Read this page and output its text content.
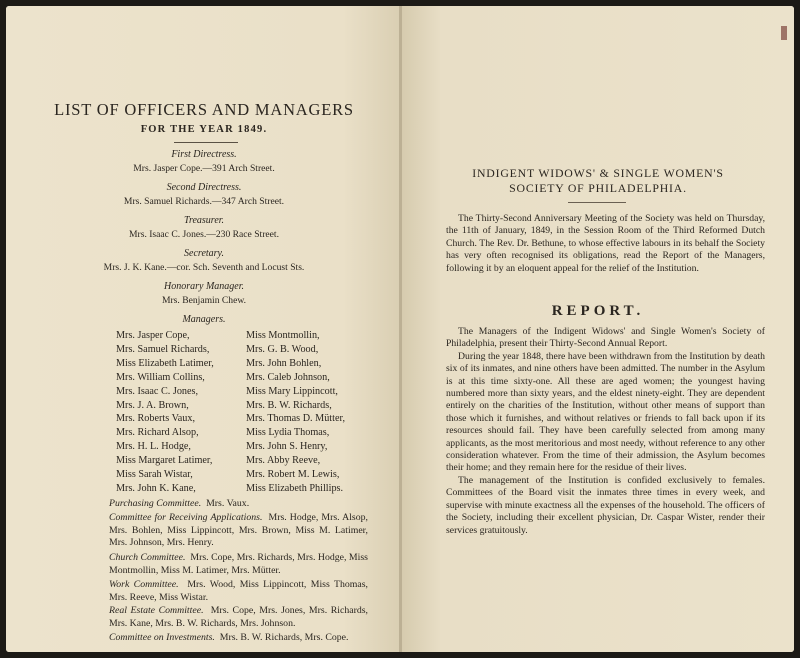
LIST OF OFFICERS AND MANAGERS
FOR THE YEAR 1849.
First Directress.
Mrs. Jasper Cope.—391 Arch Street.
Second Directress.
Mrs. Samuel Richards.—347 Arch Street.
Treasurer.
Mrs. Isaac C. Jones.—230 Race Street.
Secretary.
Mrs. J. K. Kane.—cor. Sch. Seventh and Locust Sts.
Honorary Manager.
Mrs. Benjamin Chew.
Managers.
Mrs. Jasper Cope,
Mrs. Samuel Richards,
Miss Elizabeth Latimer,
Mrs. William Collins,
Mrs. Isaac C. Jones,
Mrs. J. A. Brown,
Mrs. Roberts Vaux,
Mrs. Richard Alsop,
Mrs. H. L. Hodge,
Miss Margaret Latimer,
Miss Sarah Wistar,
Mrs. John K. Kane,
Miss Montmollin,
Mrs. G. B. Wood,
Mrs. John Bohlen,
Mrs. Caleb Johnson,
Miss Mary Lippincott,
Mrs. B. W. Richards,
Mrs. Thomas D. Mütter,
Miss Lydia Thomas,
Mrs. John S. Henry,
Mrs. Abby Reeve,
Mrs. Robert M. Lewis,
Miss Elizabeth Phillips.
Purchasing Committee. Mrs. Vaux.
Committee for Receiving Applications. Mrs. Hodge, Mrs. Alsop, Mrs. Bohlen, Miss Lippincott, Mrs. Brown, Miss M. Latimer, Mrs. Johnson, Mrs. Henry.
Church Committee. Mrs. Cope, Mrs. Richards, Mrs. Hodge, Miss Montmollin, Miss M. Latimer, Mrs. Mütter.
Work Committee. Mrs. Wood, Miss Lippincott, Miss Thomas, Mrs. Reeve, Miss Wistar.
Real Estate Committee. Mrs. Cope, Mrs. Jones, Mrs. Richards, Mrs. Kane, Mrs. B. W. Richards, Mrs. Johnson.
Committee on Investments. Mrs. B. W. Richards, Mrs. Cope.
INDIGENT WIDOWS' & SINGLE WOMEN'S
SOCIETY OF PHILADELPHIA.

The Thirty-Second Anniversary Meeting of the Society was held on Thursday, the 11th of January, 1849, in the Session Room of the Third Reformed Dutch Church. The Rev. Dr. Bethune, to whose effective labours in its behalf the Society has very often recognised its obligations, read the Report of the Managers, following it by an eloquent appeal for the relief of the Institution.

REPORT.

The Managers of the Indigent Widows' and Single Women's Society of Philadelphia, present their Thirty-Second Annual Report.

During the year 1848, there have been withdrawn from the Institution by death six of its inmates, and nine others have been admitted. The number in the Asylum is at this time sixty-one. All these are aged women; the youngest having numbered more than sixty years, and the eldest ninety-eight. They are dependent entirely on the charities of the Institution, without other means of support than those which it furnishes, and without relatives or friends to fall back upon if its resources should fail. They have been carefully selected from among many applicants, as the most meritorious and most needy, without reference to any other consideration whatever. From the time of their admission, the Asylum becomes their home; and they remain here for the residue of their lives.

The management of the Institution is confided exclusively to females. Committees of the Board visit the inmates three times in every week, and supervise with minute exactness all the expenses of the household. The officers of the Society, including their excellent physician, Dr. Caspar Wister, render their services gratuitously.
